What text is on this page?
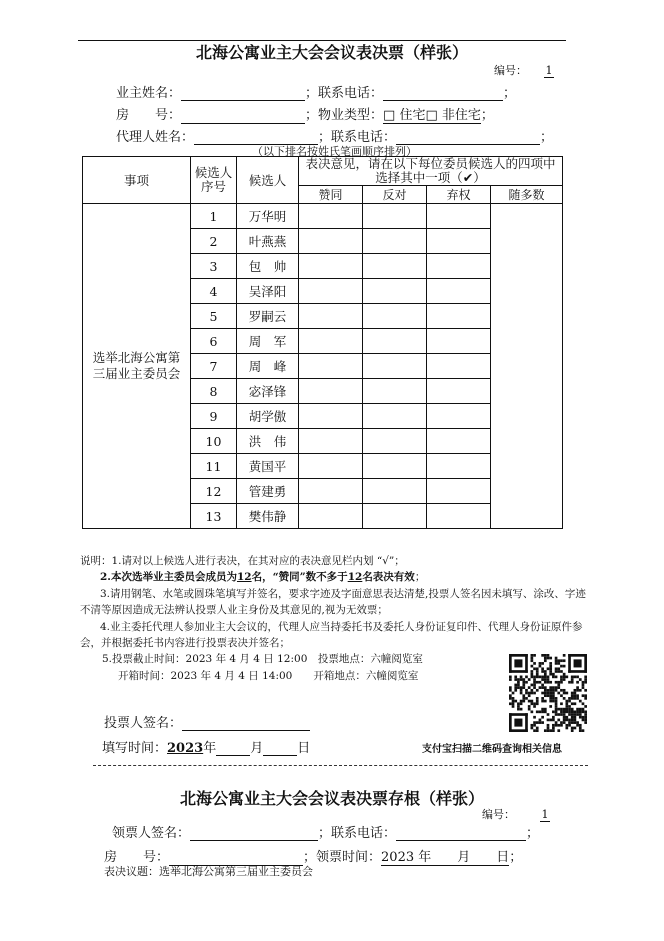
北海公寓业主大会会议表决票（样张）
编号： 1
业主姓名：	；联系电话：	；
房　　号：	；物业类型：□ 住宅□ 非住宅；
代理人姓名：	；联系电话：	；
（以下排名按姓氏笔画顺序排列）
事项	候选人序号	候选人	表决意见，请在以下每位委员候选人的四项中选择其中一项（✔）			
			赞同	反对	弃权	随多数
选举北海公寓第三届业主委员会	1	万华明				
	2	叶燕燕				
	3	包　帅				
	4	吴泽阳				
	5	罗嗣云				
	6	周　军				
	7	周　峰				
	8	宓泽锋				
	9	胡学傲				
	10	洪　伟				
	11	黄国平				
	12	管建勇				
	13	樊伟静				

说明：1.请对以上候选人进行表决，在其对应的表决意见栏内划 “√”；

2.本次选举业主委员会成员为12名，“赞同”数不多于12名表决有效；

3.请用钢笔、水笔或圆珠笔填写并签名，要求字迹及字面意思表达清楚,投票人签名因未填写、涂改、字迹不清等原因造成无法辨认投票人业主身份及其意见的,视为无效票；

4.业主委托代理人参加业主大会议的，代理人应当持委托书及委托人身份证复印件、代理人身份证原件参会，并根据委托书内容进行投票表决并签名；

5.投票截止时间：2023 年 4 月 4 日 12:00　投票地点：六幢阅览室

开箱时间：2023 年 4 月 4 日 14:00　　开箱地点：六幢阅览室

投票人签名：
填写时间：2023年	月	日	支付宝扫描二维码查询相关信息
北海公寓业主大会会议表决票存根（样张）
编号： 1
领票人签名：	；联系电话：	；
房　　号：	；领票时间：2023 年　　月　　日；
表决议题：选举北海公寓第三届业主委员会
